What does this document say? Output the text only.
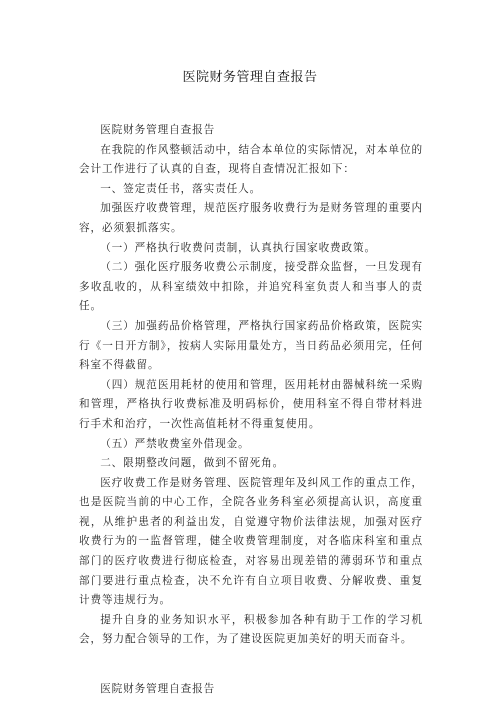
医院财务管理自查报告

医院财务管理自查报告

在我院的作风整顿活动中，结合本单位的实际情况，对本单位的会计工作进行了认真的自查，现将自查情况汇报如下：

一、签定责任书，落实责任人。

加强医疗收费管理，规范医疗服务收费行为是财务管理的重要内容，必须狠抓落实。

（一）严格执行收费问责制，认真执行国家收费政策。

（二）强化医疗服务收费公示制度，接受群众监督，一旦发现有多收乱收的，从科室绩效中扣除，并追究科室负责人和当事人的责任。

（三）加强药品价格管理，严格执行国家药品价格政策，医院实行《一日开方制》，按病人实际用量处方，当日药品必须用完，任何科室不得截留。

（四）规范医用耗材的使用和管理，医用耗材由器械科统一采购和管理，严格执行收费标准及明码标价，使用科室不得自带材料进行手术和治疗，一次性高值耗材不得重复使用。

（五）严禁收费室外借现金。

二、限期整改问题，做到不留死角。

医疗收费工作是财务管理、医院管理年及纠风工作的重点工作，也是医院当前的中心工作，全院各业务科室必须提高认识，高度重视，从维护患者的利益出发，自觉遵守物价法律法规，加强对医疗收费行为的一监督管理，健全收费管理制度，对各临床科室和重点部门的医疗收费进行彻底检查，对容易出现差错的薄弱环节和重点部门要进行重点检查，决不允许有自立项目收费、分解收费、重复计费等违规行为。

提升自身的业务知识水平，积极参加各种有助于工作的学习机会，努力配合领导的工作，为了建设医院更加美好的明天而奋斗。

医院财务管理自查报告
